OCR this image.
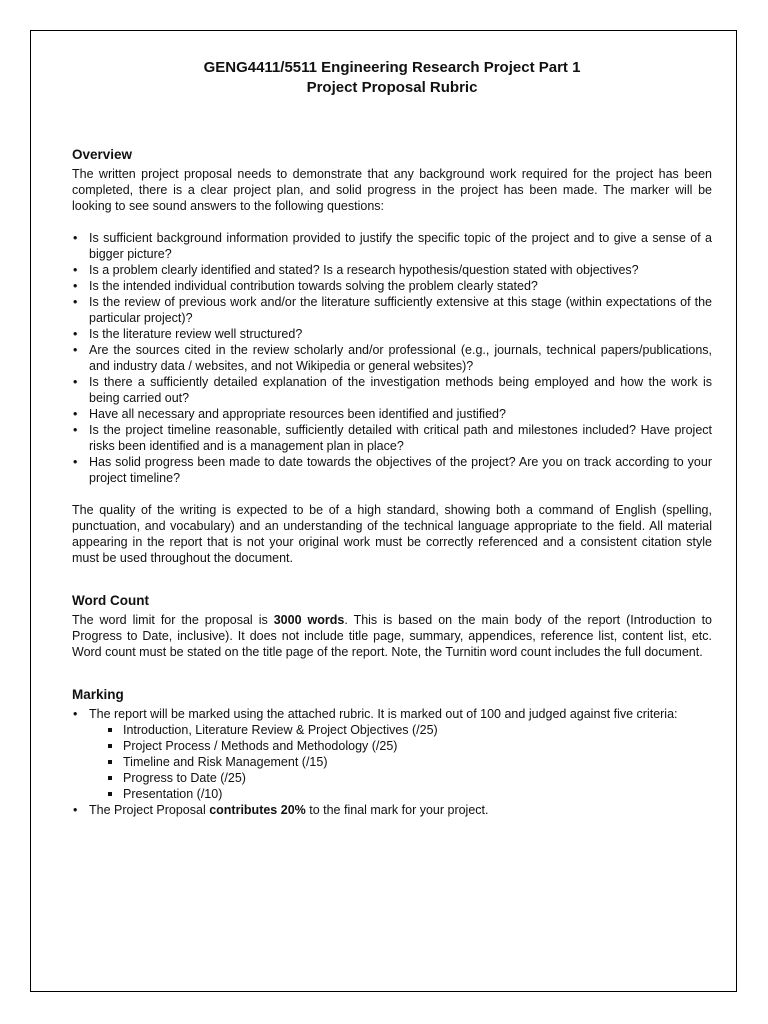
GENG4411/5511 Engineering Research Project Part 1
Project Proposal Rubric
Overview

The written project proposal needs to demonstrate that any background work required for the project has been completed, there is a clear project plan, and solid progress in the project has been made. The marker will be looking to see sound answers to the following questions:

• Is sufficient background information provided to justify the specific topic of the project and to give a sense of a bigger picture?
• Is a problem clearly identified and stated? Is a research hypothesis/question stated with objectives?
• Is the intended individual contribution towards solving the problem clearly stated?
• Is the review of previous work and/or the literature sufficiently extensive at this stage (within expectations of the particular project)?
• Is the literature review well structured?
• Are the sources cited in the review scholarly and/or professional (e.g., journals, technical papers/publications, and industry data / websites, and not Wikipedia or general websites)?
• Is there a sufficiently detailed explanation of the investigation methods being employed and how the work is being carried out?
• Have all necessary and appropriate resources been identified and justified?
• Is the project timeline reasonable, sufficiently detailed with critical path and milestones included? Have project risks been identified and is a management plan in place?
• Has solid progress been made to date towards the objectives of the project? Are you on track according to your project timeline?

The quality of the writing is expected to be of a high standard, showing both a command of English (spelling, punctuation, and vocabulary) and an understanding of the technical language appropriate to the field. All material appearing in the report that is not your original work must be correctly referenced and a consistent citation style must be used throughout the document.

Word Count

The word limit for the proposal is 3000 words. This is based on the main body of the report (Introduction to Progress to Date, inclusive). It does not include title page, summary, appendices, reference list, content list, etc. Word count must be stated on the title page of the report. Note, the Turnitin word count includes the full document.

Marking
• The report will be marked using the attached rubric. It is marked out of 100 and judged against five criteria:
Introduction, Literature Review & Project Objectives (/25)
Project Process / Methods and Methodology (/25)
Timeline and Risk Management (/15)
Progress to Date (/25)
Presentation (/10)
• The Project Proposal contributes 20% to the final mark for your project.
